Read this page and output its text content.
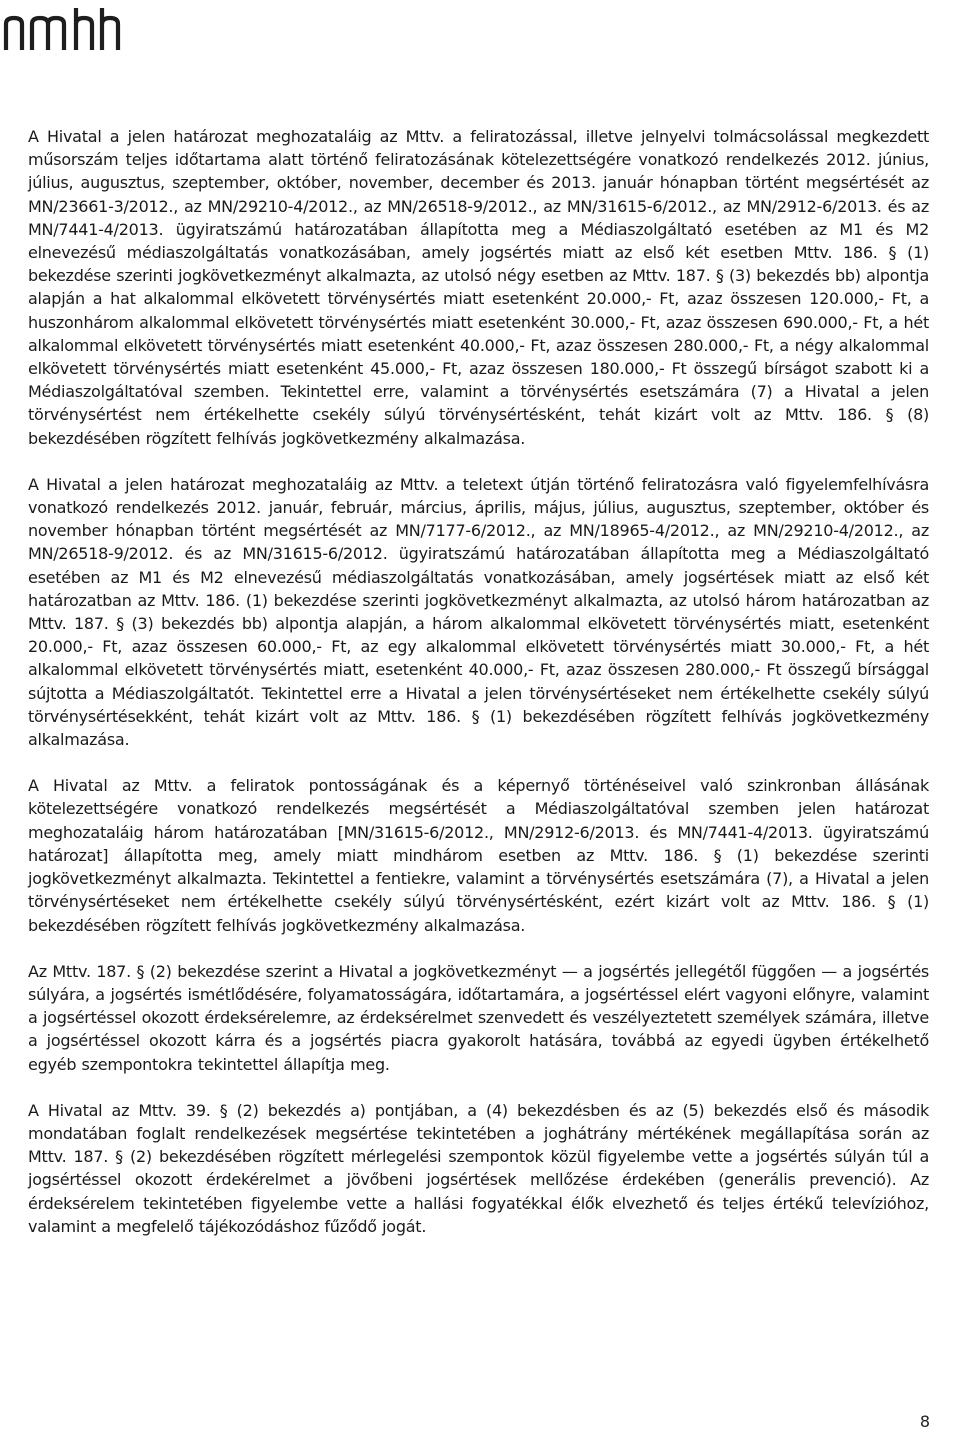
A Hivatal a jelen határozat meghozataláig az Mttv. a feliratozással, illetve jelnyelvi tolmácsolással megkezdett műsorszám teljes időtartama alatt történő feliratozásának kötelezettségére vonatkozó rendelkezés 2012. június, július, augusztus, szeptember, október, november, december és 2013. január hónapban történt megsértését az MN/23661-3/2012., az MN/29210-4/2012., az MN/26518-9/2012., az MN/31615-6/2012., az MN/2912-6/2013. és az MN/7441-4/2013. ügyiratszámú határozatában állapította meg a Médiaszolgáltató esetében az M1 és M2 elnevezésű médiaszolgáltatás vonatkozásában, amely jogsértés miatt az első két esetben Mttv. 186. § (1) bekezdése szerinti jogkövetkezményt alkalmazta, az utolsó négy esetben az Mttv. 187. § (3) bekezdés bb) alpontja alapján a hat alkalommal elkövetett törvénysértés miatt esetenként 20.000,- Ft, azaz összesen 120.000,- Ft, a huszonhárom alkalommal elkövetett törvénysértés miatt esetenként 30.000,- Ft, azaz összesen 690.000,- Ft, a hét alkalommal elkövetett törvénysértés miatt esetenként 40.000,- Ft, azaz összesen 280.000,- Ft, a négy alkalommal elkövetett törvénysértés miatt esetenként 45.000,- Ft, azaz összesen 180.000,- Ft összegű bírságot szabott ki a Médiaszolgáltatóval szemben. Tekintettel erre, valamint a törvénysértés esetszámára (7) a Hivatal a jelen törvénysértést nem értékelhette csekély súlyú törvénysértésként, tehát kizárt volt az Mttv. 186. § (8) bekezdésében rögzített felhívás jogkövetkezmény alkalmazása.

A Hivatal a jelen határozat meghozataláig az Mttv. a teletext útján történő feliratozásra való figyelemfelhívásra vonatkozó rendelkezés 2012. január, február, március, április, május, július, augusztus, szeptember, október és november hónapban történt megsértését az MN/7177-6/2012., az MN/18965-4/2012., az MN/29210-4/2012., az MN/26518-9/2012. és az MN/31615-6/2012. ügyiratszámú határozatában állapította meg a Médiaszolgáltató esetében az M1 és M2 elnevezésű médiaszolgáltatás vonatkozásában, amely jogsértések miatt az első két határozatban az Mttv. 186. (1) bekezdése szerinti jogkövetkezményt alkalmazta, az utolsó három határozatban az Mttv. 187. § (3) bekezdés bb) alpontja alapján, a három alkalommal elkövetett törvénysértés miatt, esetenként 20.000,- Ft, azaz összesen 60.000,- Ft, az egy alkalommal elkövetett törvénysértés miatt 30.000,- Ft, a hét alkalommal elkövetett törvénysértés miatt, esetenként 40.000,- Ft, azaz összesen 280.000,- Ft összegű bírsággal sújtotta a Médiaszolgáltatót. Tekintettel erre a Hivatal a jelen törvénysértéseket nem értékelhette csekély súlyú törvénysértésekként, tehát kizárt volt az Mttv. 186. § (1) bekezdésében rögzített felhívás jogkövetkezmény alkalmazása.

A Hivatal az Mttv. a feliratok pontosságának és a képernyő történéseivel való szinkronban állásának kötelezettségére vonatkozó rendelkezés megsértését a Médiaszolgáltatóval szemben jelen határozat meghozataláig három határozatában [MN/31615-6/2012., MN/2912-6/2013. és MN/7441-4/2013. ügyiratszámú határozat] állapította meg, amely miatt mindhárom esetben az Mttv. 186. § (1) bekezdése szerinti jogkövetkezményt alkalmazta. Tekintettel a fentiekre, valamint a törvénysértés esetszámára (7), a Hivatal a jelen törvénysértéseket nem értékelhette csekély súlyú törvénysértésként, ezért kizárt volt az Mttv. 186. § (1) bekezdésében rögzített felhívás jogkövetkezmény alkalmazása.

Az Mttv. 187. § (2) bekezdése szerint a Hivatal a jogkövetkezményt — a jogsértés jellegétől függően — a jogsértés súlyára, a jogsértés ismétlődésére, folyamatosságára, időtartamára, a jogsértéssel elért vagyoni előnyre, valamint a jogsértéssel okozott érdeksérelemre, az érdeksérelmet szenvedett és veszélyeztetett személyek számára, illetve a jogsértéssel okozott kárra és a jogsértés piacra gyakorolt hatására, továbbá az egyedi ügyben értékelhető egyéb szempontokra tekintettel állapítja meg.

A Hivatal az Mttv. 39. § (2) bekezdés a) pontjában, a (4) bekezdésben és az (5) bekezdés első és második mondatában foglalt rendelkezések megsértése tekintetében a joghátrány mértékének megállapítása során az Mttv. 187. § (2) bekezdésében rögzített mérlegelési szempontok közül figyelembe vette a jogsértés súlyán túl a jogsértéssel okozott érdekérelmet a jövőbeni jogsértések mellőzése érdekében (generális prevenció). Az érdeksérelem tekintetében figyelembe vette a hallási fogyatékkal élők elvezhető és teljes értékű televízióhoz, valamint a megfelelő tájékozódáshoz fűződő jogát.

8
